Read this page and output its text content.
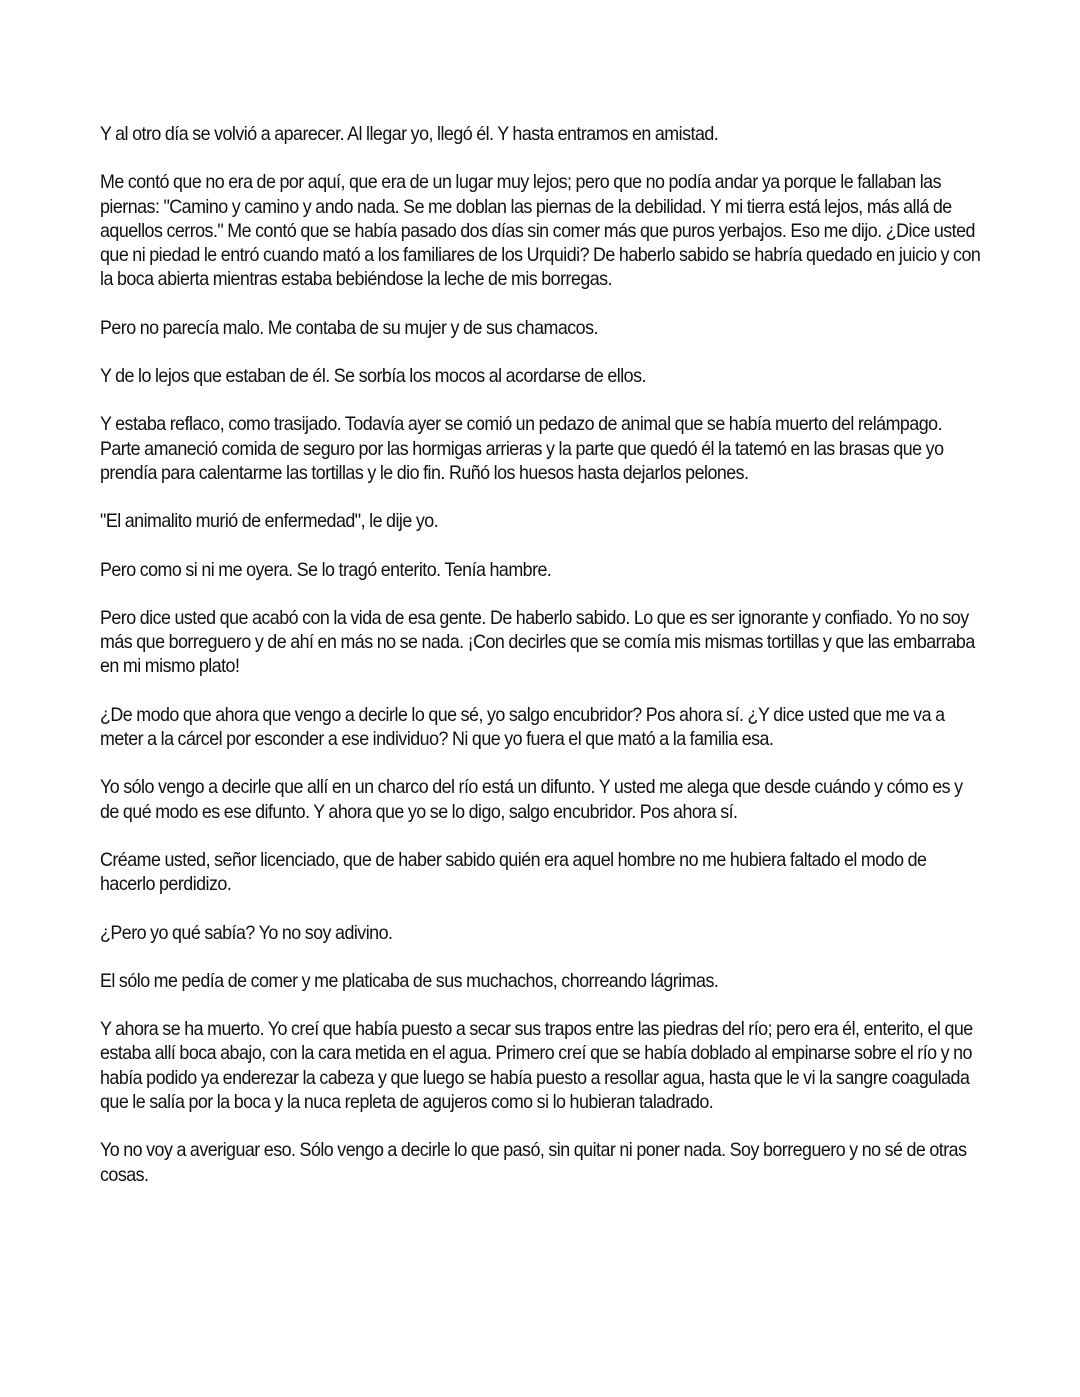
Y al otro día se volvió a aparecer. Al llegar yo, llegó él. Y hasta entramos en amistad.

Me contó que no era de por aquí, que era de un lugar muy lejos; pero que no podía andar ya porque le fallaban las piernas: "Camino y camino y ando nada. Se me doblan las piernas de la debilidad. Y mi tierra está lejos, más allá de aquellos cerros." Me contó que se había pasado dos días sin comer más que puros yerbajos. Eso me dijo. ¿Dice usted que ni piedad le entró cuando mató a los familiares de los Urquidi? De haberlo sabido se habría quedado en juicio y con la boca abierta mientras estaba bebiéndose la leche de mis borregas.

Pero no parecía malo. Me contaba de su mujer y de sus chamacos.

Y de lo lejos que estaban de él. Se sorbía los mocos al acordarse de ellos.

Y estaba reflaco, como trasijado. Todavía ayer se comió un pedazo de animal que se había muerto del relámpago. Parte amaneció comida de seguro por las hormigas arrieras y la parte que quedó él la tatemó en las brasas que yo prendía para calentarme las tortillas y le dio fin. Ruñó los huesos hasta dejarlos pelones.

"El animalito murió de enfermedad", le dije yo.

Pero como si ni me oyera. Se lo tragó enterito. Tenía hambre.

Pero dice usted que acabó con la vida de esa gente. De haberlo sabido. Lo que es ser ignorante y confiado. Yo no soy más que borreguero y de ahí en más no se nada. ¡Con decirles que se comía mis mismas tortillas y que las embarraba en mi mismo plato!

¿De modo que ahora que vengo a decirle lo que sé, yo salgo encubridor? Pos ahora sí. ¿Y dice usted que me va a meter a la cárcel por esconder a ese individuo? Ni que yo fuera el que mató a la familia esa.

Yo sólo vengo a decirle que allí en un charco del río está un difunto. Y usted me alega que desde cuándo y cómo es y de qué modo es ese difunto. Y ahora que yo se lo digo, salgo encubridor. Pos ahora sí.

Créame usted, señor licenciado, que de haber sabido quién era aquel hombre no me hubiera faltado el modo de hacerlo perdidizo.

¿Pero yo qué sabía? Yo no soy adivino.

El sólo me pedía de comer y me platicaba de sus muchachos, chorreando lágrimas.

Y ahora se ha muerto. Yo creí que había puesto a secar sus trapos entre las piedras del río; pero era él, enterito, el que estaba allí boca abajo, con la cara metida en el agua. Primero creí que se había doblado al empinarse sobre el río y no había podido ya enderezar la cabeza y que luego se había puesto a resollar agua, hasta que le vi la sangre coagulada que le salía por la boca y la nuca repleta de agujeros como si lo hubieran taladrado.

Yo no voy a averiguar eso. Sólo vengo a decirle lo que pasó, sin quitar ni poner nada. Soy borreguero y no sé de otras cosas.
